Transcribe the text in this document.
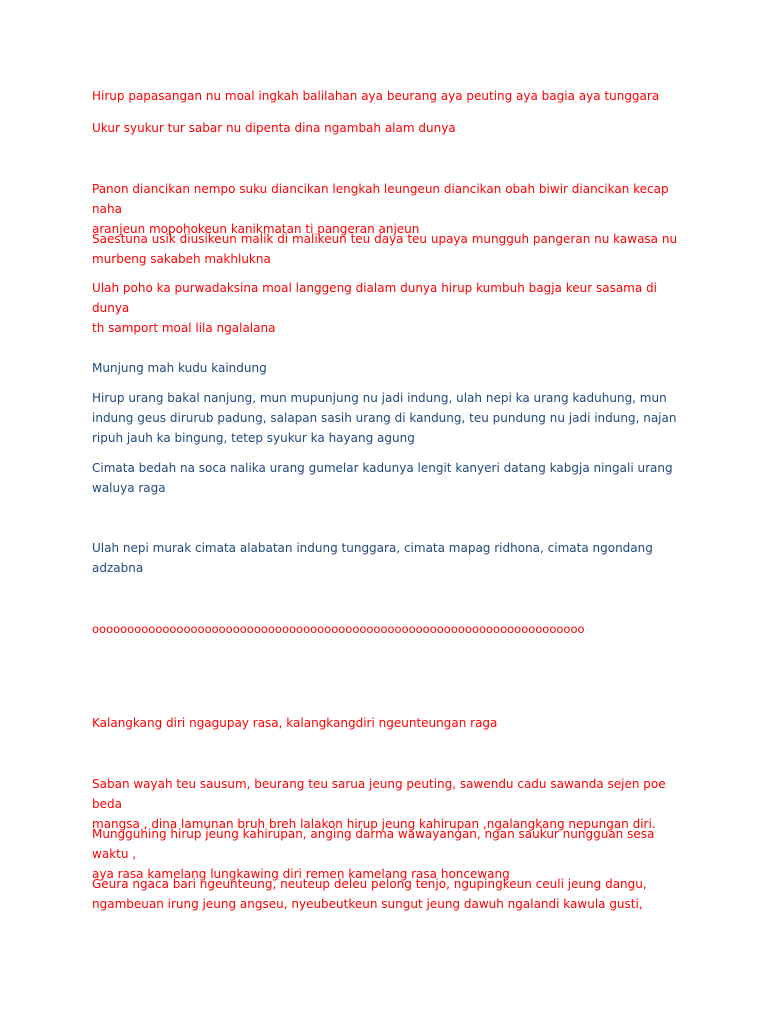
Hirup papasangan nu moal ingkah balilahan aya beurang aya peuting aya bagia aya tunggara

Ukur syukur tur sabar nu dipenta dina ngambah alam dunya

Panon diancikan nempo suku diancikan lengkah leungeun diancikan obah biwir diancikan kecap naha
aranjeun mopohokeun kanikmatan ti pangeran anjeun

Saestuna usik diusikeun malik di malikeun teu daya teu upaya mungguh pangeran nu kawasa nu
murbeng sakabeh makhlukna

Ulah poho ka purwadaksina moal langgeng dialam dunya hirup kumbuh bagja keur sasama di dunya
th samport moal lila ngalalana

Munjung mah kudu kaindung

Hirup urang bakal nanjung, mun mupunjung nu jadi indung, ulah nepi ka urang kaduhung, mun
indung geus dirurub padung, salapan sasih urang di kandung, teu pundung nu jadi indung, najan
ripuh jauh ka bingung, tetep syukur ka hayang agung

Cimata bedah na soca nalika urang gumelar kadunya lengit kanyeri datang kabgja ningali urang
waluya raga

Ulah nepi murak cimata alabatan indung tunggara, cimata mapag ridhona, cimata ngondang
adzabna

oooooooooooooooooooooooooooooooooooooooooooooooooooooooooooooooooooooo

Kalangkang diri ngagupay rasa, kalangkangdiri ngeunteungan raga

Saban wayah teu sausum, beurang teu sarua jeung peuting, sawendu cadu sawanda sejen poe beda
mangsa , dina lamunan bruh breh lalakon hirup jeung kahirupan ,ngalangkang nepungan diri.

Mungguhing hirup jeung kahirupan, anging darma wawayangan, ngan saukur nungguan sesa waktu ,
aya rasa kamelang lungkawing diri remen kamelang rasa honcewang

Geura ngaca bari ngeunteung, neuteup deleu pelong tenjo, ngupingkeun ceuli jeung dangu,
ngambeuan irung jeung angseu, nyeubeutkeun sungut jeung dawuh ngalandi kawula gusti,
